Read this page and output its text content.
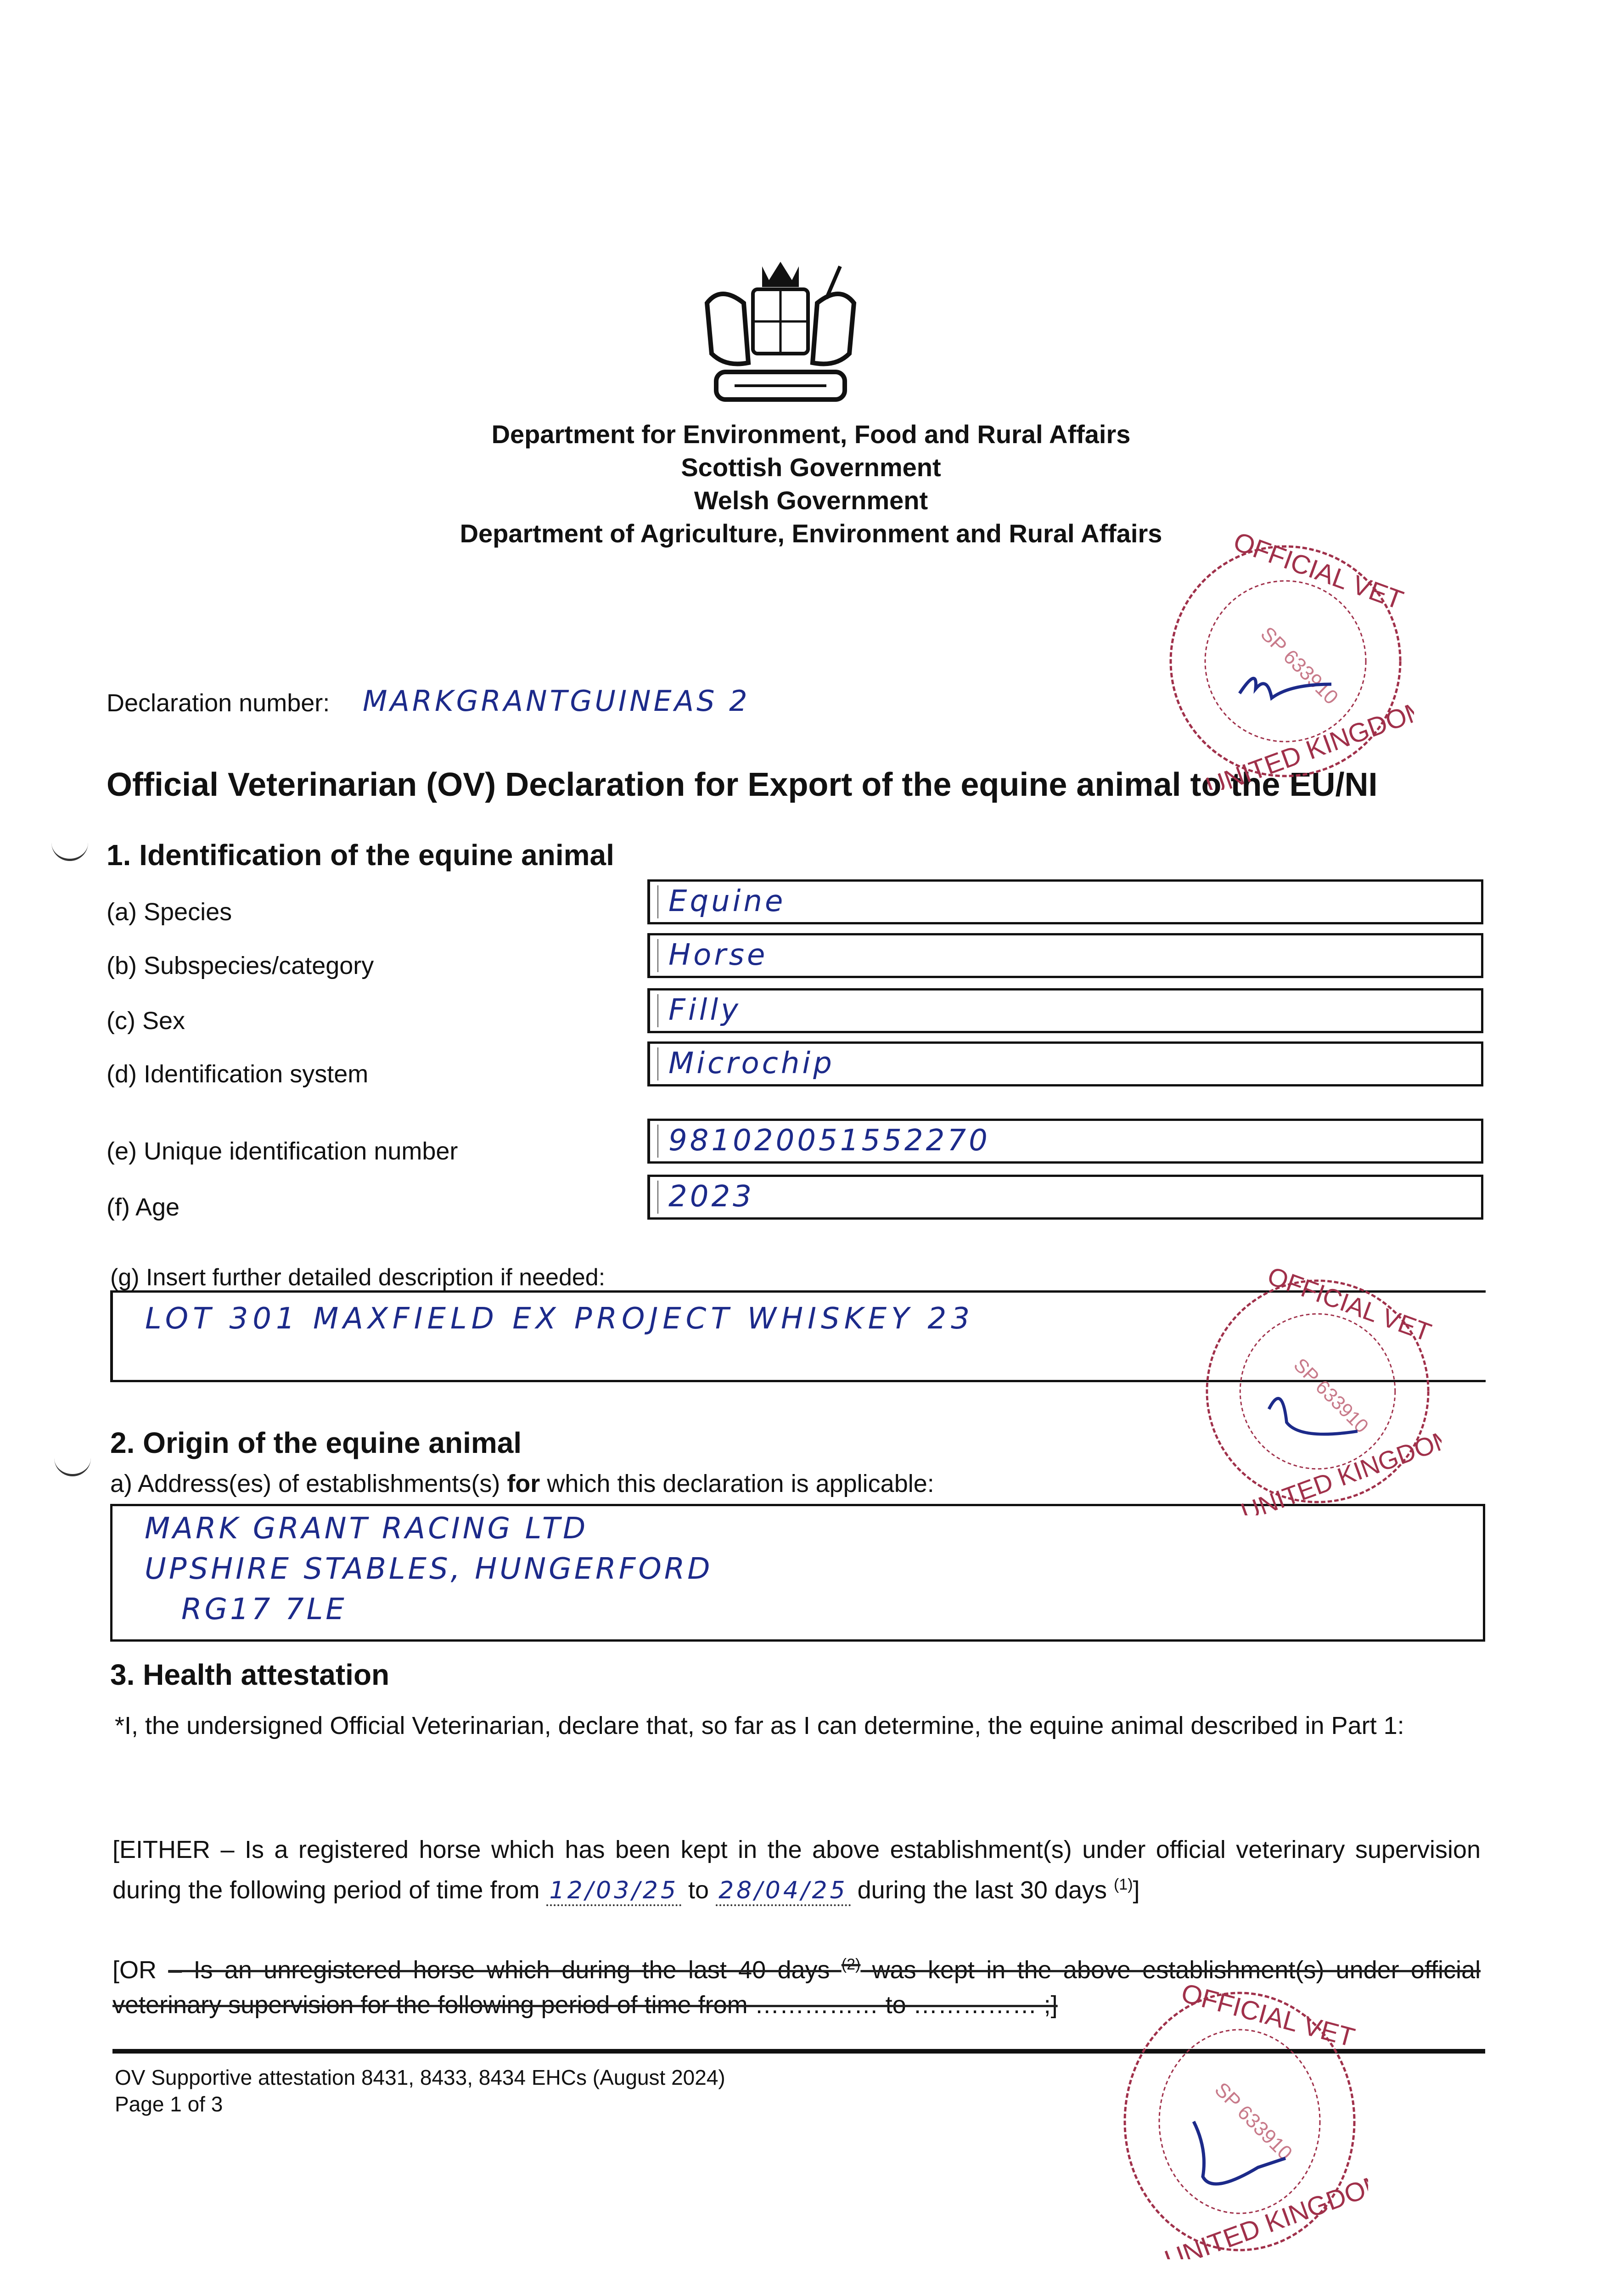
Department for Environment, Food and Rural Affairs
Scottish Government
Welsh Government
Department of Agriculture, Environment and Rural Affairs
Declaration number: MARKGRANTGUINEAS 2
Official Veterinarian (OV) Declaration for Export of the equine animal to the EU/NI
1. Identification of the equine animal
(a) Species	Equine
(b) Subspecies/category	Horse
(c) Sex	Filly
(d) Identification system	Microchip
(e) Unique identification number	981020051552270
(f) Age	2023
(g) Insert further detailed description if needed:
LOT 301 MAXFIELD EX PROJECT WHISKEY 23
2. Origin of the equine animal
a) Address(es) of establishments(s) for which this declaration is applicable:
MARK GRANT RACING LTD
UPSHIRE STABLES, HUNGERFORD
RG17 7LE
3. Health attestation
*I, the undersigned Official Veterinarian, declare that, so far as I can determine, the equine animal described in Part 1:
[EITHER – Is a registered horse which has been kept in the above establishment(s) under official veterinary supervision during the following period of time from 12/03/25 to 28/04/25 during the last 30 days $^{(1)}$]
[OR – Is an unregistered horse which during the last 40 days $^{(2)}$ was kept in the above establishment(s) under official veterinary supervision for the following period of time from …………… to …………… ;]
OV Supportive attestation 8431, 8433, 8434 EHCs (August 2024)
Page 1 of 3
OFFICIAL VET
UNITED KINGDOM
SP 633910
OFFICIAL VET
UNITED KINGDOM
SP 633910
OFFICIAL VET
UNITED KINGDOM
SP 633910
